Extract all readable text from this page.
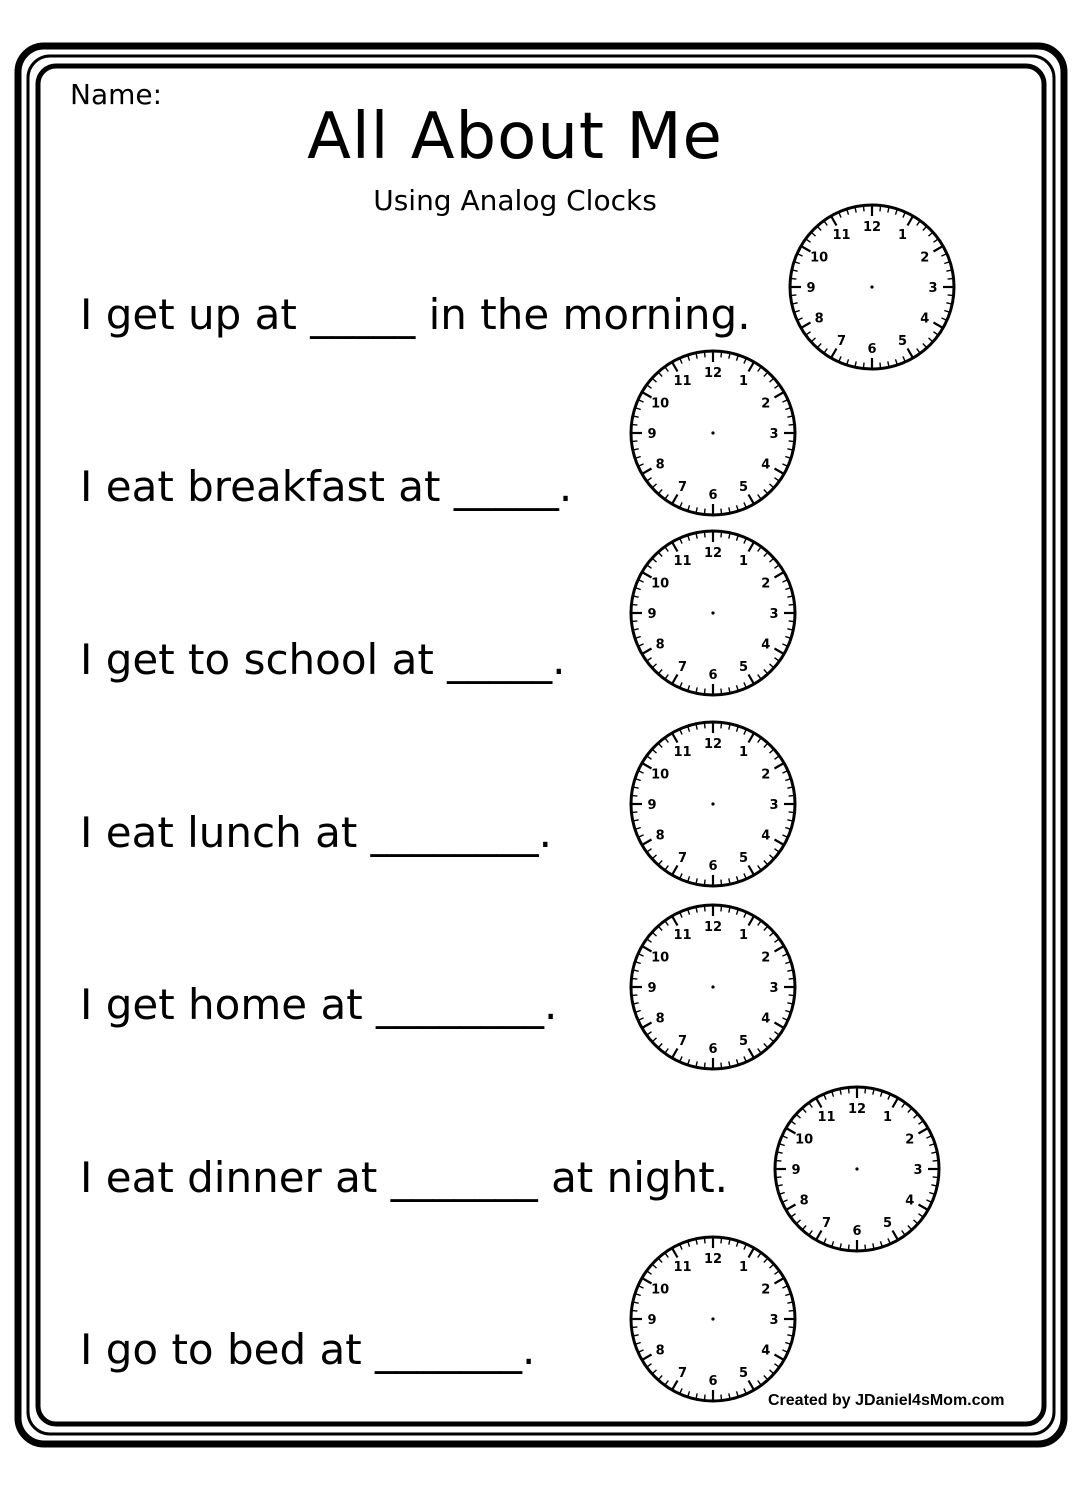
Name:
All About Me
Using Analog Clocks
I get up at _____ in the morning.
I eat breakfast at _____.
I get to school at _____.
I eat lunch at ________.
I get home at ________.
I eat dinner at _______ at night.
I go to bed at _______.
12
1
2
3
4
5
6
7
8
9
10
11
12
1
2
3
4
5
6
7
8
9
10
11
12
1
2
3
4
5
6
7
8
9
10
11
12
1
2
3
4
5
6
7
8
9
10
11
12
1
2
3
4
5
6
7
8
9
10
11
12
1
2
3
4
5
6
7
8
9
10
11
12
1
2
3
4
5
6
7
8
9
10
11
Created by JDaniel4sMom.com
